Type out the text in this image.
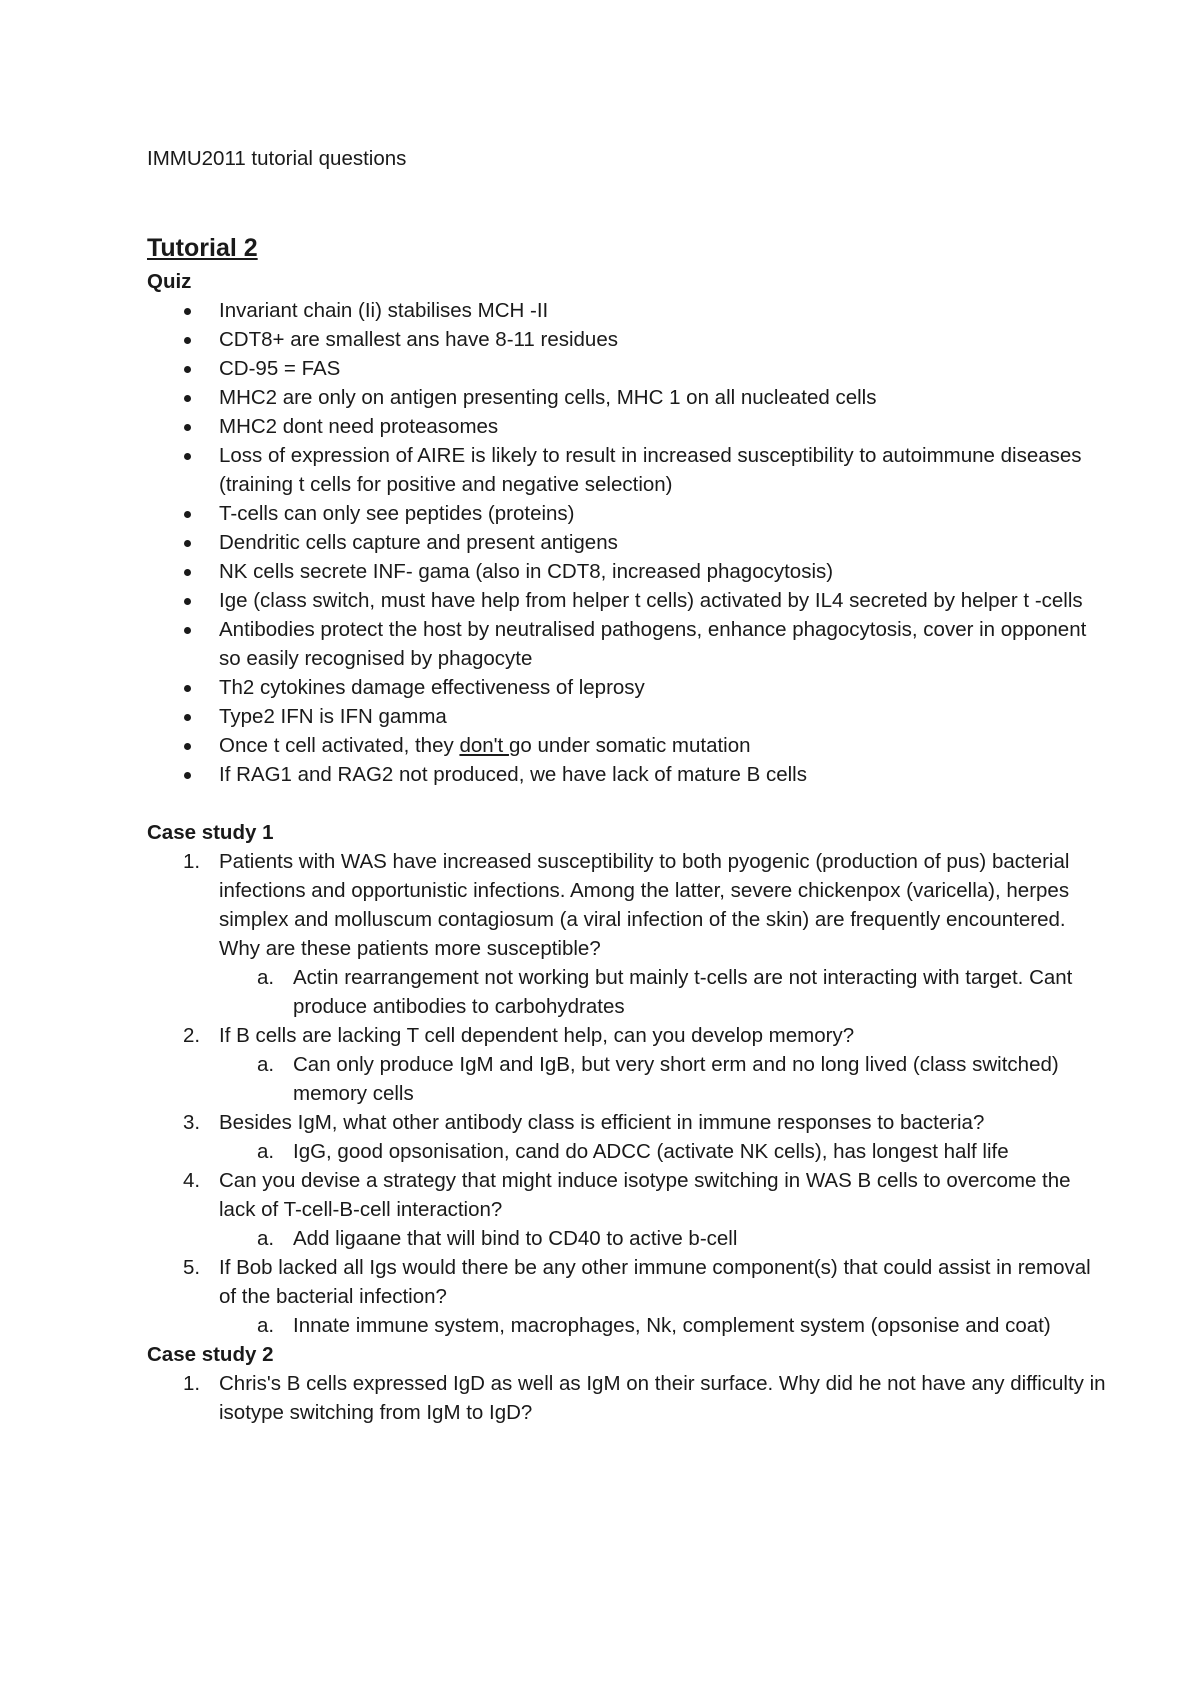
IMMU2011 tutorial questions
Tutorial 2
Quiz
Invariant chain (Ii) stabilises MCH -II
CDT8+ are smallest ans have 8-11 residues
CD-95 = FAS
MHC2 are only on antigen presenting cells, MHC 1 on all nucleated cells
MHC2 dont need proteasomes
Loss of expression of AIRE is likely to result in increased susceptibility to autoimmune diseases (training t cells for positive and negative selection)
T-cells can only see peptides (proteins)
Dendritic cells capture and present antigens
NK cells secrete INF- gama (also in CDT8, increased phagocytosis)
Ige (class switch, must have help from helper t cells) activated by IL4 secreted by helper t -cells
Antibodies protect the host by neutralised pathogens, enhance phagocytosis, cover in opponent so easily recognised by phagocyte
Th2 cytokines damage effectiveness of leprosy
Type2 IFN is IFN gamma
Once t cell activated, they don't go under somatic mutation
If RAG1 and RAG2 not produced, we have lack of mature B cells
Case study 1
1. Patients with WAS have increased susceptibility to both pyogenic (production of pus) bacterial infections and opportunistic infections. Among the latter, severe chickenpox (varicella), herpes simplex and molluscum contagiosum (a viral infection of the skin) are frequently encountered. Why are these patients more susceptible?
a. Actin rearrangement not working but mainly t-cells are not interacting with target. Cant produce antibodies to carbohydrates
2. If B cells are lacking T cell dependent help, can you develop memory?
a. Can only produce IgM and IgB, but very short erm and no long lived (class switched) memory cells
3. Besides IgM, what other antibody class is efficient in immune responses to bacteria?
a. IgG, good opsonisation, cand do ADCC (activate NK cells), has longest half life
4. Can you devise a strategy that might induce isotype switching in WAS B cells to overcome the lack of T-cell-B-cell interaction?
a. Add ligaane that will bind to CD40 to active b-cell
5. If Bob lacked all Igs would there be any other immune component(s) that could assist in removal of the bacterial infection?
a. Innate immune system, macrophages, Nk, complement system (opsonise and coat)
Case study 2
1. Chris's B cells expressed IgD as well as IgM on their surface. Why did he not have any difficulty in isotype switching from IgM to IgD?
